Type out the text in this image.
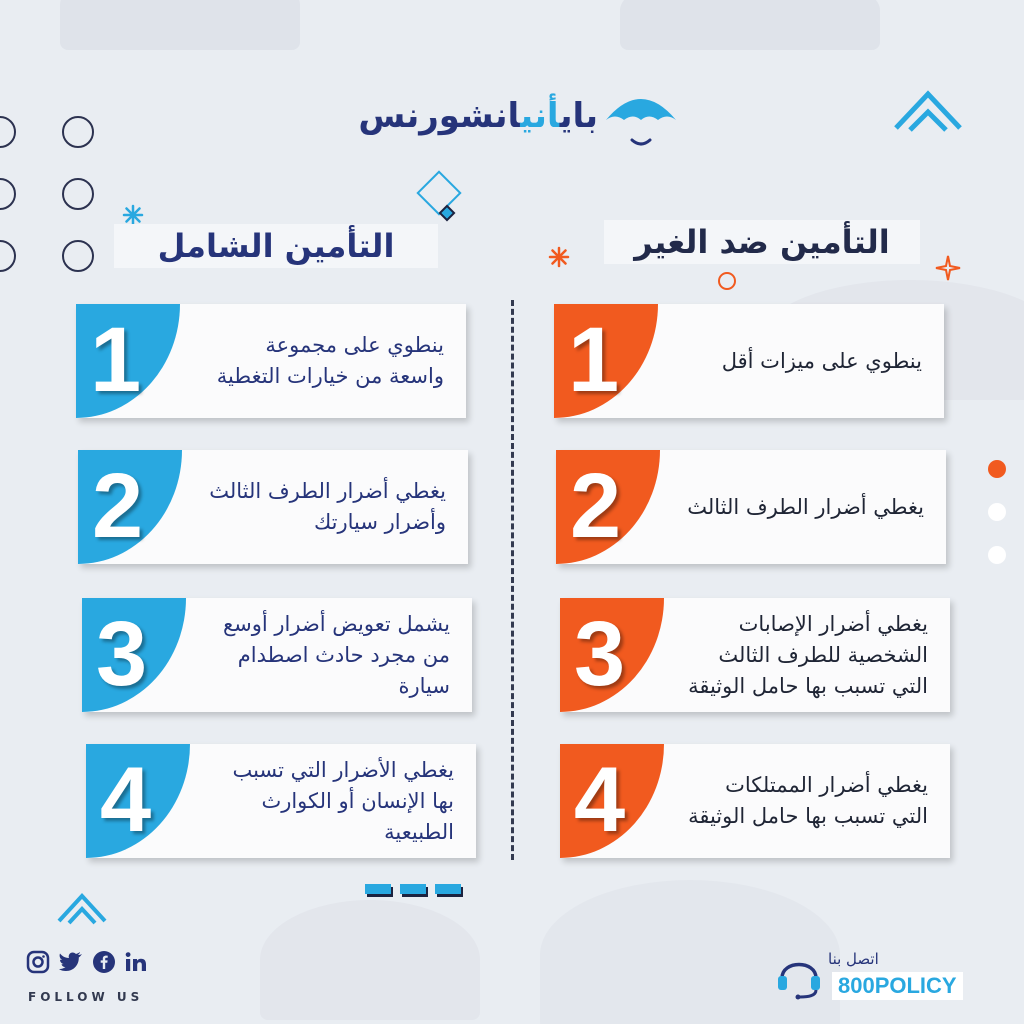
بايأنيانشورنس
التأمين الشامل	التأمين ضد الغير
1	ينطوي على مجموعة
واسعة من خيارات التغطية
2	يغطي أضرار الطرف الثالث
وأضرار سيارتك
3	يشمل تعويض أضرار أوسع
من مجرد حادث اصطدام
سيارة
4	يغطي الأضرار التي تسبب
بها الإنسان أو الكوارث
الطبيعية
1	ينطوي على ميزات أقل
2	يغطي أضرار الطرف الثالث
3	يغطي أضرار الإصابات
الشخصية للطرف الثالث
التي تسبب بها حامل الوثيقة
4	يغطي أضرار الممتلكات
التي تسبب بها حامل الوثيقة
FOLLOW US
اتصل بنا
800POLICY
